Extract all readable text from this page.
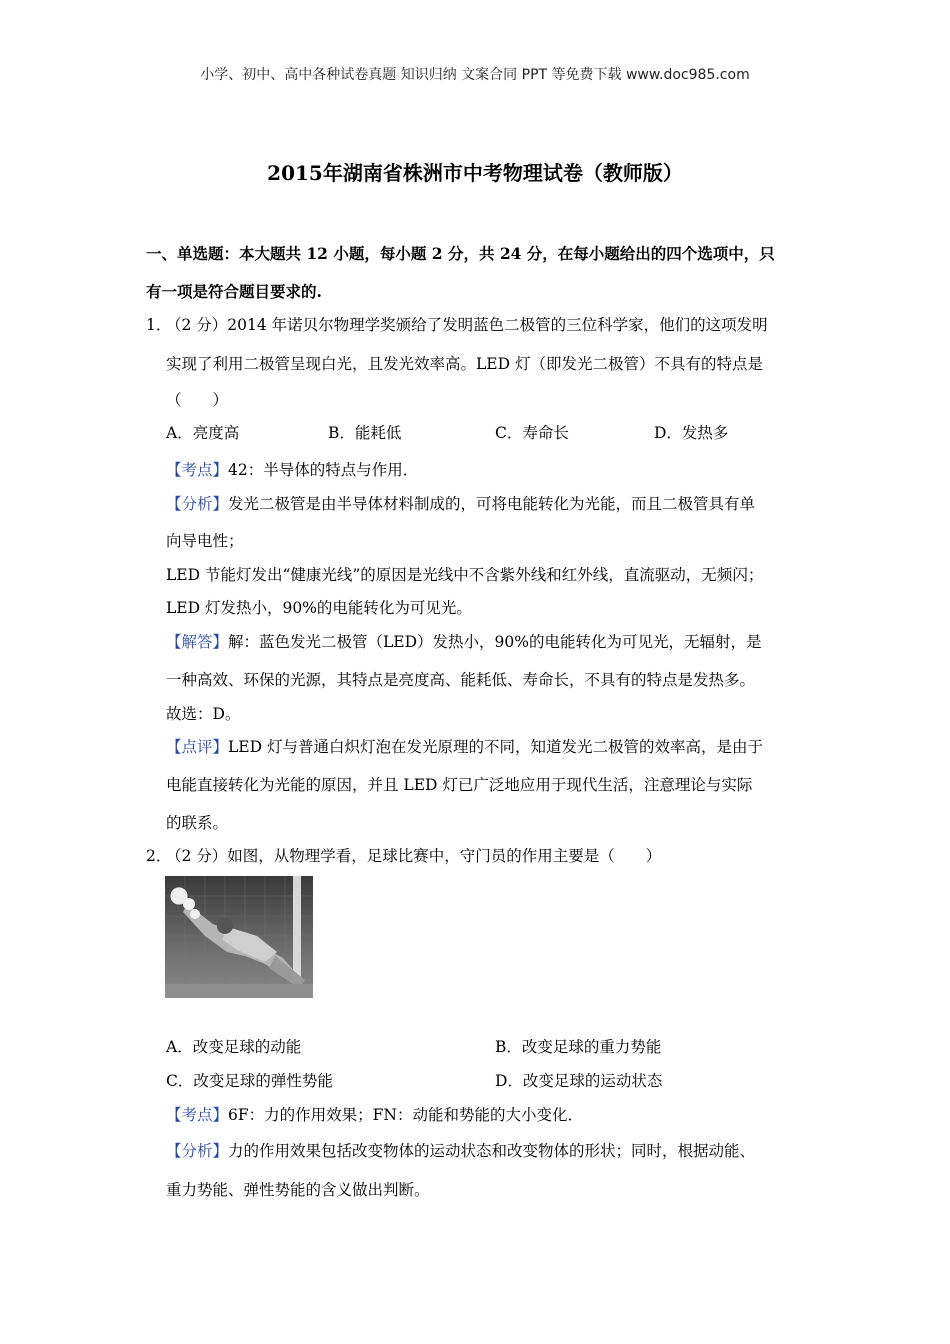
小学、初中、高中各种试卷真题 知识归纳 文案合同 PPT 等免费下载 www.doc985.com
2015年湖南省株洲市中考物理试卷（教师版）
一、单选题：本大题共 12 小题，每小题 2 分，共 24 分，在每小题给出的四个选项中，只
有一项是符合题目要求的.
1．
（2 分）2014 年诺贝尔物理学奖颁给了发明蓝色二极管的三位科学家，他们的这项发明
实现了利用二极管呈现白光，且发光效率高。LED 灯（即发光二极管）不具有的特点是
（　　）
A．亮度高	B．能耗低	C．寿命长	D．发热多
【考点】42：半导体的特点与作用．
【分析】发光二极管是由半导体材料制成的，可将电能转化为光能，而且二极管具有单
向导电性；
LED 节能灯发出“健康光线”的原因是光线中不含紫外线和红外线，直流驱动，无频闪；
LED 灯发热小，90%的电能转化为可见光。
【解答】解：蓝色发光二极管（LED）发热小，90%的电能转化为可见光，无辐射，是
一种高效、环保的光源，其特点是亮度高、能耗低、寿命长，不具有的特点是发热多。
故选：D。
【点评】LED 灯与普通白炽灯泡在发光原理的不同，知道发光二极管的效率高，是由于
电能直接转化为光能的原因，并且 LED 灯已广泛地应用于现代生活，注意理论与实际
的联系。
2．
（2 分）如图，从物理学看，足球比赛中，守门员的作用主要是（　　）
A．改变足球的动能	B．改变足球的重力势能
C．改变足球的弹性势能	D．改变足球的运动状态
【考点】6F：力的作用效果；FN：动能和势能的大小变化．
【分析】力的作用效果包括改变物体的运动状态和改变物体的形状；同时，根据动能、
重力势能、弹性势能的含义做出判断。
